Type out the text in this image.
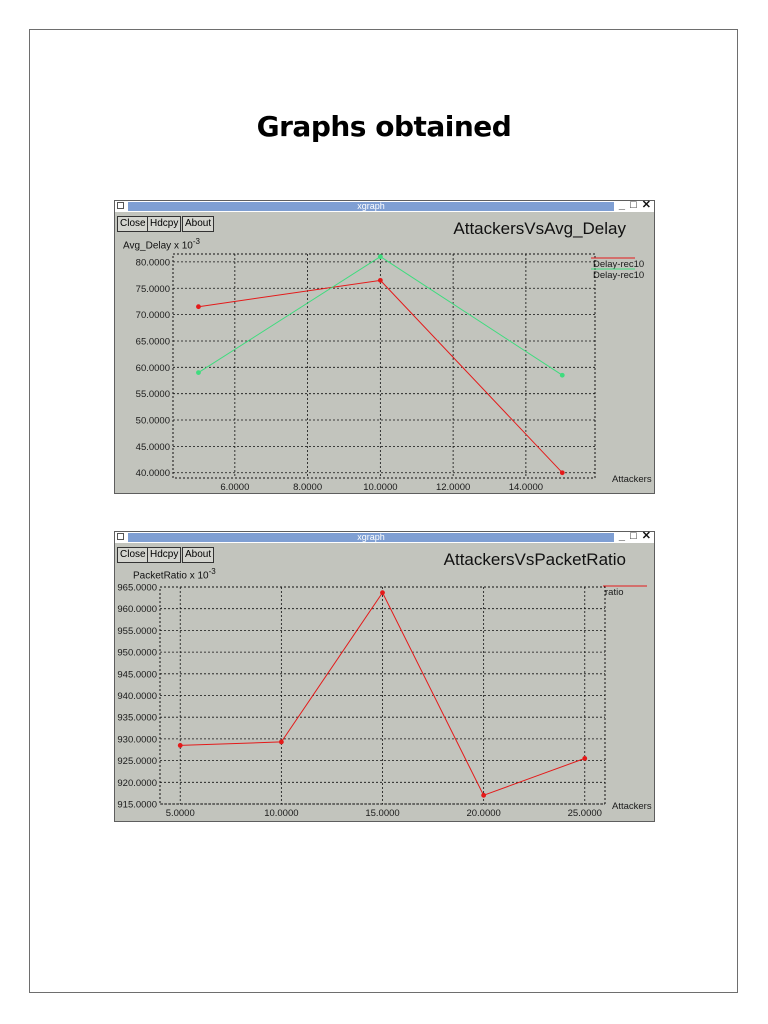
Graphs obtained
xgraph	_ □ ✕
Close Hdcpy About	AttackersVsAvg_Delay
Avg_Delay x $10^{-3}$
40.0000
45.0000
50.0000
55.0000
60.0000
65.0000
70.0000
75.0000
80.0000
6.0000	8.0000	10.0000	12.0000	14.0000
Attackers
Delay-rec10
Delay-rec10
xgraph	_ □ ✕
Close Hdcpy About	AttackersVsPacketRatio
PacketRatio x $10^{-3}$
915.0000
920.0000
925.0000
930.0000
935.0000
940.0000
945.0000
950.0000
955.0000
960.0000
965.0000
5.0000	10.0000	15.0000	20.0000	25.0000
Attackers
ratio
